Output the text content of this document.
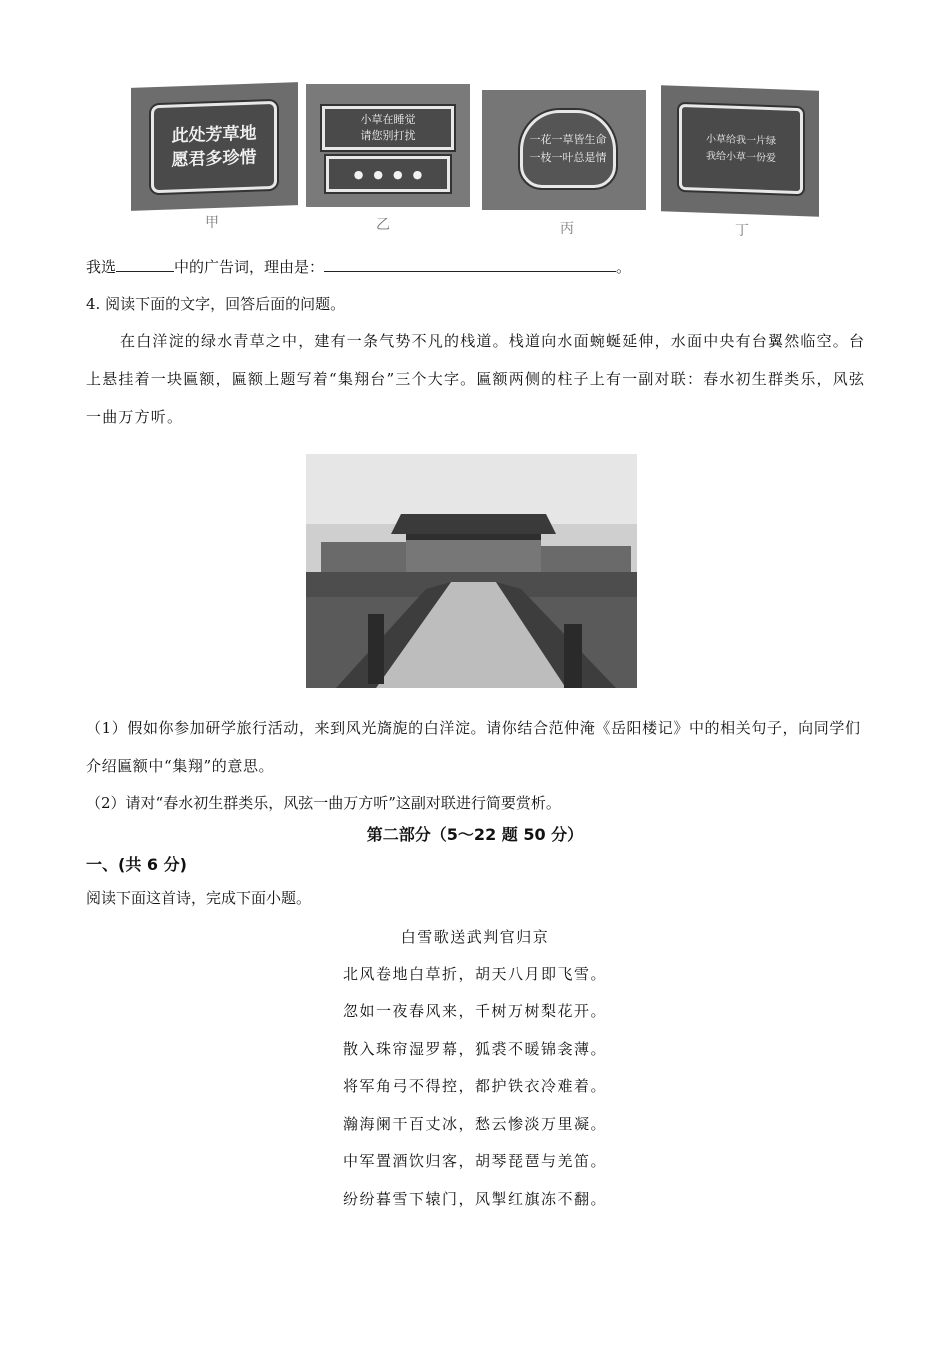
此处芳草地
愿君多珍惜
甲
小草在睡觉
请您别打扰
● ● ● ●
乙
一花一草皆生命
一枝一叶总是情
丙
小草给我一片绿
我给小草一份爱
丁
我选	中的广告词，理由是：	。
4. 阅读下面的文字，回答后面的问题。
在白洋淀的绿水青草之中，建有一条气势不凡的栈道。栈道向水面蜿蜒延伸，水面中央有台翼然临空。台上悬挂着一块匾额，匾额上题写着“集翔台”三个大字。匾额两侧的柱子上有一副对联：春水初生群类乐，风弦一曲万方听。
（1）假如你参加研学旅行活动，来到风光旖旎的白洋淀。请你结合范仲淹《岳阳楼记》中的相关句子，向同学们介绍匾额中“集翔”的意思。
（2）请对“春水初生群类乐，风弦一曲万方听”这副对联进行简要赏析。
第二部分（5～22 题 50 分）
一、(共 6 分)
阅读下面这首诗，完成下面小题。
白雪歌送武判官归京
北风卷地白草折，胡天八月即飞雪。
忽如一夜春风来，千树万树梨花开。
散入珠帘湿罗幕，狐裘不暖锦衾薄。
将军角弓不得控，都护铁衣冷难着。
瀚海阑干百丈冰，愁云惨淡万里凝。
中军置酒饮归客，胡琴琵琶与羌笛。
纷纷暮雪下辕门，风掣红旗冻不翻。
